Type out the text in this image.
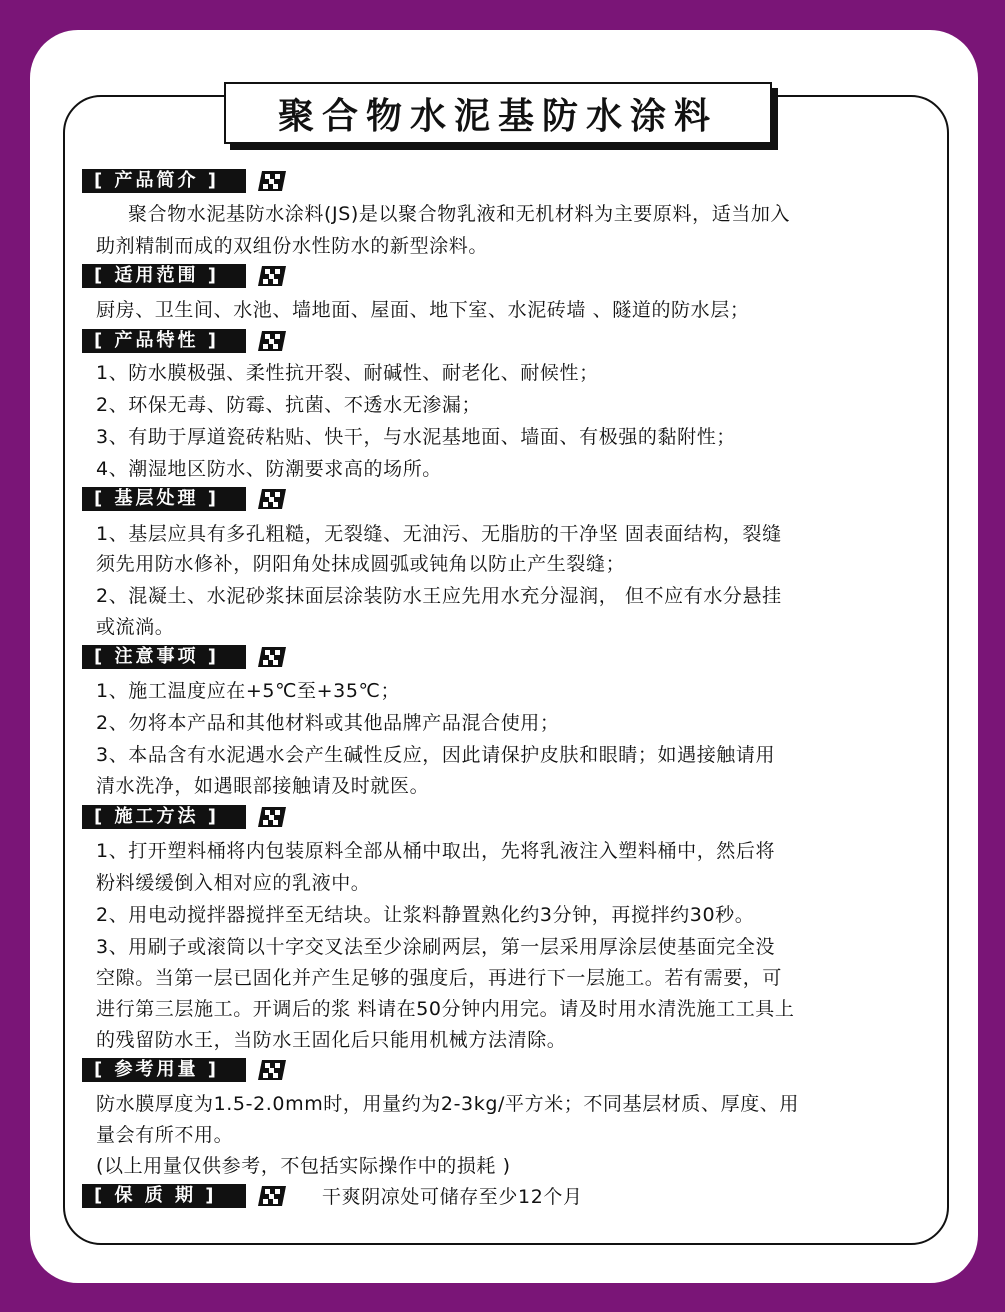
聚合物水泥基防水涂料
[ 产品简介 ]
聚合物水泥基防水涂料(JS)是以聚合物乳液和无机材料为主要原料，适当加入
助剂精制而成的双组份水性防水的新型涂料。
[ 适用范围 ]
厨房、卫生间、水池、墙地面、屋面、地下室、水泥砖墙 、隧道的防水层；
[ 产品特性 ]
1、防水膜极强、柔性抗开裂、耐碱性、耐老化、耐候性；
2、环保无毒、防霉、抗菌、不透水无渗漏；
3、有助于厚道瓷砖粘贴、快干，与水泥基地面、墙面、有极强的黏附性；
4、潮湿地区防水、防潮要求高的场所。
[ 基层处理 ]
1、基层应具有多孔粗糙，无裂缝、无油污、无脂肪的干净坚 固表面结构，裂缝
须先用防水修补，阴阳角处抹成圆弧或钝角以防止产生裂缝；
2、混凝土、水泥砂浆抹面层涂装防水王应先用水充分湿润， 但不应有水分悬挂
或流淌。
[ 注意事项 ]
1、施工温度应在+5℃至+35℃；
2、勿将本产品和其他材料或其他品牌产品混合使用；
3、本品含有水泥遇水会产生碱性反应，因此请保护皮肤和眼睛；如遇接触请用
清水洗净，如遇眼部接触请及时就医。
[ 施工方法 ]
1、打开塑料桶将内包装原料全部从桶中取出，先将乳液注入塑料桶中，然后将
粉料缓缓倒入相对应的乳液中。
2、用电动搅拌器搅拌至无结块。让浆料静置熟化约3分钟，再搅拌约30秒。
3、用刷子或滚筒以十字交叉法至少涂刷两层，第一层采用厚涂层使基面完全没
空隙。当第一层已固化并产生足够的强度后，再进行下一层施工。若有需要，可
进行第三层施工。开调后的浆 料请在50分钟内用完。请及时用水清洗施工工具上
的残留防水王，当防水王固化后只能用机械方法清除。
[ 参考用量 ]
防水膜厚度为1.5-2.0mm时，用量约为2-3kg/平方米；不同基层材质、厚度、用
量会有所不用。
(以上用量仅供参考，不包括实际操作中的损耗 )
[ 保 质 期 ]	干爽阴凉处可储存至少12个月
